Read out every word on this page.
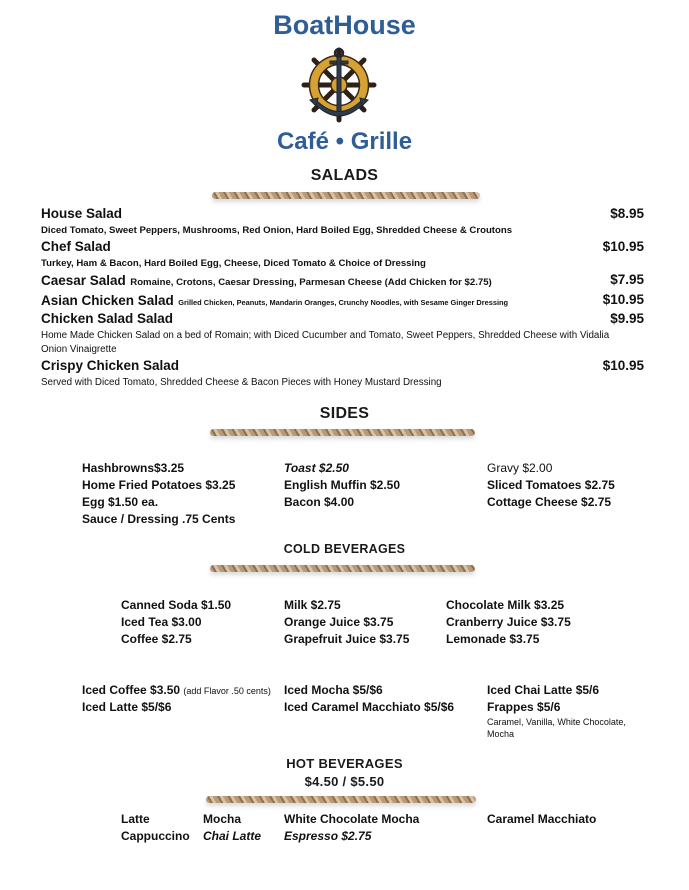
BoatHouse
Café • Grille
SALADS
House Salad	$8.95
Diced Tomato, Sweet Peppers, Mushrooms, Red Onion, Hard Boiled Egg, Shredded Cheese & Croutons
Chef Salad	$10.95
Turkey, Ham & Bacon, Hard Boiled Egg, Cheese, Diced Tomato & Choice of Dressing
Caesar Salad Romaine, Crotons, Caesar Dressing, Parmesan Cheese (Add Chicken for $2.75)	$7.95
Asian Chicken Salad Grilled Chicken, Peanuts, Mandarin Oranges, Crunchy Noodles, with Sesame Ginger Dressing	$10.95
Chicken Salad Salad	$9.95
Home Made Chicken Salad on a bed of Romain; with Diced Cucumber and Tomato, Sweet Peppers, Shredded Cheese with Vidalia
Onion Vinaigrette
Crispy Chicken Salad	$10.95
Served with Diced Tomato, Shredded Cheese & Bacon Pieces with Honey Mustard Dressing
SIDES
Hashbrowns$3.25
Home Fried Potatoes $3.25
Egg $1.50 ea.
Sauce / Dressing .75 Cents
Toast $2.50
English Muffin $2.50
Bacon $4.00
Gravy $2.00
Sliced Tomatoes $2.75
Cottage Cheese $2.75
COLD BEVERAGES
Canned Soda $1.50
Iced Tea $3.00
Coffee $2.75
Milk $2.75
Orange Juice $3.75
Grapefruit Juice $3.75
Chocolate Milk $3.25
Cranberry Juice $3.75
Lemonade $3.75
Iced Coffee $3.50 (add Flavor .50 cents)
Iced Latte $5/$6
Iced Mocha $5/$6
Iced Caramel Macchiato $5/$6
Iced Chai Latte $5/6
Frappes $5/6
Caramel, Vanilla, White Chocolate,
Mocha
HOT BEVERAGES
$4.50 / $5.50
Latte
Cappuccino
Mocha
Chai Latte
White Chocolate Mocha
Espresso $2.75
Caramel Macchiato
